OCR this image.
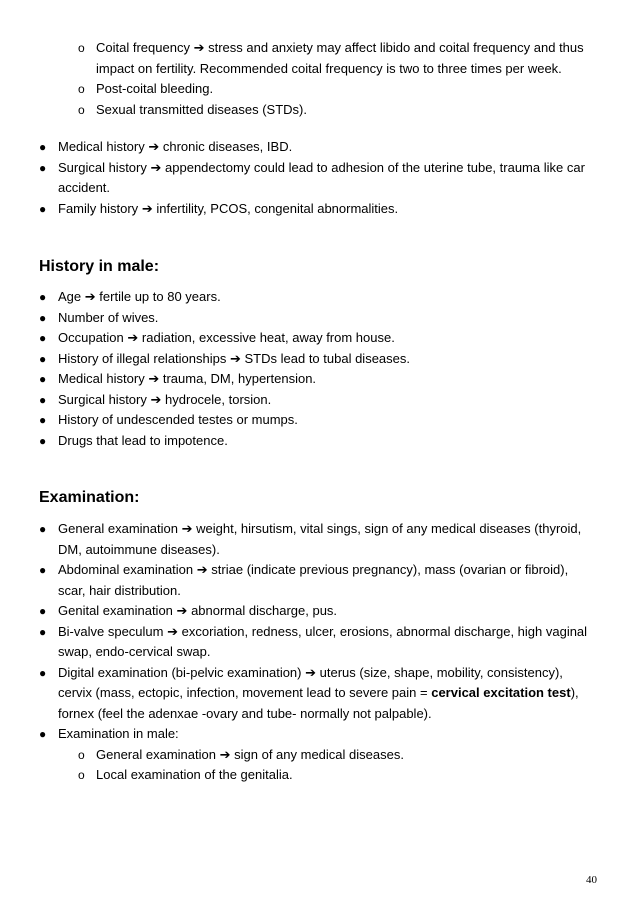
o Coital frequency ➔ stress and anxiety may affect libido and coital frequency and thus impact on fertility. Recommended coital frequency is two to three times per week.
o Post-coital bleeding.
o Sexual transmitted diseases (STDs).
● Medical history ➔ chronic diseases, IBD.
● Surgical history ➔ appendectomy could lead to adhesion of the uterine tube, trauma like car accident.
● Family history ➔ infertility, PCOS, congenital abnormalities.
History in male:
● Age ➔ fertile up to 80 years.
● Number of wives.
● Occupation ➔ radiation, excessive heat, away from house.
● History of illegal relationships ➔ STDs lead to tubal diseases.
● Medical history ➔ trauma, DM, hypertension.
● Surgical history ➔ hydrocele, torsion.
● History of undescended testes or mumps.
● Drugs that lead to impotence.
Examination:
● General examination ➔ weight, hirsutism, vital sings, sign of any medical diseases (thyroid, DM, autoimmune diseases).
● Abdominal examination ➔ striae (indicate previous pregnancy), mass (ovarian or fibroid), scar, hair distribution.
● Genital examination ➔ abnormal discharge, pus.
● Bi-valve speculum ➔ excoriation, redness, ulcer, erosions, abnormal discharge, high vaginal swap, endo-cervical swap.
● Digital examination (bi-pelvic examination) ➔ uterus (size, shape, mobility, consistency), cervix (mass, ectopic, infection, movement lead to severe pain = cervical excitation test), fornex (feel the adenxae -ovary and tube- normally not palpable).
● Examination in male:
o General examination ➔ sign of any medical diseases.
o Local examination of the genitalia.
40
